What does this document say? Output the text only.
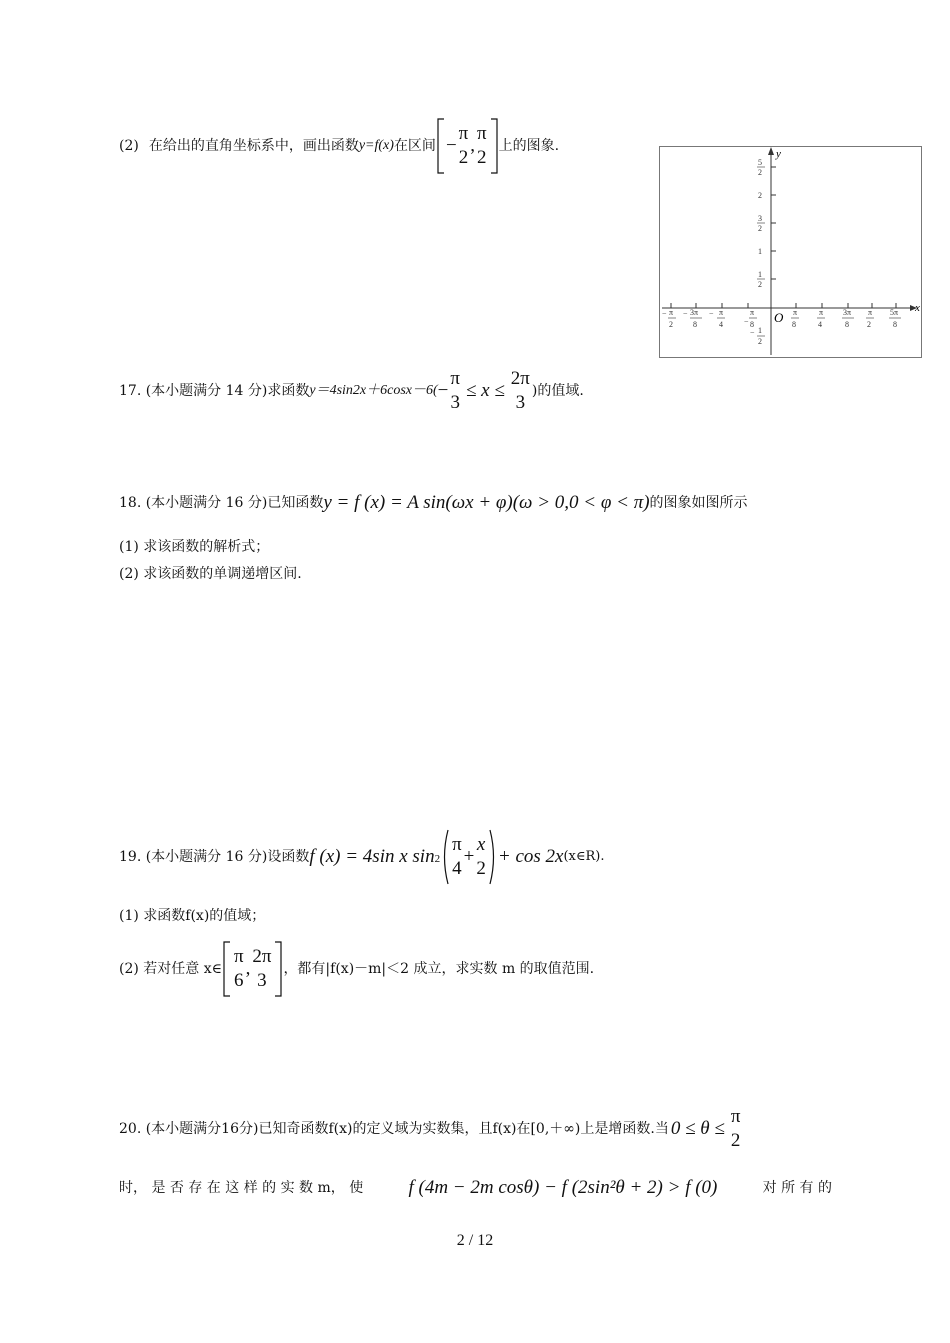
(2) 在给出的直角坐标系中，画出函数 y=f(x) 在区间 −
π
2
,
π
2
上的图象.	y
x
O
5
2
2
3
2
1
1
2
− 1
2
− π
2
− 3π
8
− π
4	−
π
8
π
8
π
4
3π
8
π
2
5π
8
17. (本小题满分 14 分)求函数 y＝4sin2x＋6cosx－6( −
π
3
≤ x ≤
2π
3
)的值域.
18. (本小题满分 16 分)已知函数 y = f (x) = A sin(ωx + φ)(ω > 0,0 < φ < π) 的图象如图所示
(1) 求该函数的解析式；
(2) 求该函数的单调递增区间.
19. (本小题满分 16 分)设函数 f (x) = 4sin x sin 2
π
4
+
x
2
+ cos 2x (x∈R).
(1) 求函数f(x)的值域；
(2) 若对任意 x∈
π
6
,
2π
3
，都有|f(x)－m|＜2 成立，求实数 m 的取值范围.
20. (本小题满分16分)已知奇函数f(x)的定义域为实数集，且f(x)在[0,＋∞)上是增函数.当 0 ≤ θ ≤
π
2
时， 是 否 存 在 这 样 的 实 数 m， 使 f (4m − 2m cosθ) − f (2sin²θ + 2) > f (0)	对 所 有 的
2 / 12
